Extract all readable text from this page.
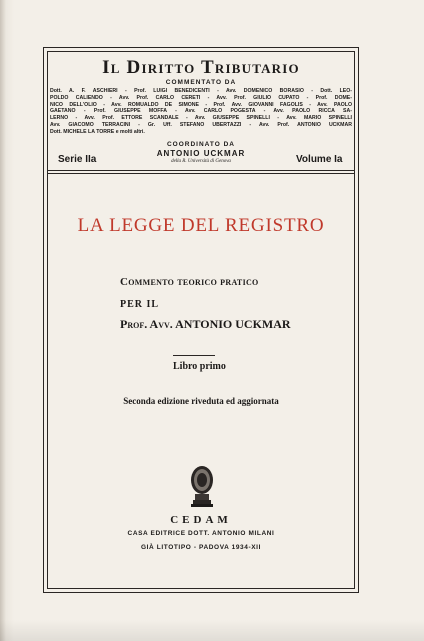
Il Diritto Tributario
COMMENTATO DA
Dott. A. F. ASCHIERI - Prof. LUIGI BENEDICENTI - Avv. DOMENICO BORASIO - Dott. LEO-
POLDO CALIENDO - Avv. Prof. CARLO CERETI - Avv. Prof. GIULIO CUPATO - Prof. DOME-
NICO DELL'OLIO - Avv. ROMUALDO DE SIMONE - Prof. Avv. GIOVANNI FAGOLIS - Avv. PAOLO
GAETANO - Prof. GIUSEPPE MOFFA - Avv. CARLO POGESTA - Avv. PAOLO RICCA SA-
LERNO - Avv. Prof. ETTORE SCANDALE - Avv. GIUSEPPE SPINELLI - Avv. MARIO SPINELLI
Avv. GIACOMO TERRACINI - Gr. Uff. STEFANO UBERTAZZI - Avv. Prof. ANTONIO UCKMAR
Dott. MICHELE LA TORRE e molti altri.
COORDINATO DA
ANTONIO UCKMAR
della R. Università di Genova
Serie IIa	Volume Ia
LA LEGGE DEL REGISTRO
Commento teorico pratico
PER IL
Prof. Avv. ANTONIO UCKMAR
Libro primo
Seconda edizione riveduta ed aggiornata
CEDAM
CASA EDITRICE DOTT. ANTONIO MILANI
GIÀ LITOTIPO - PADOVA 1934-XII
